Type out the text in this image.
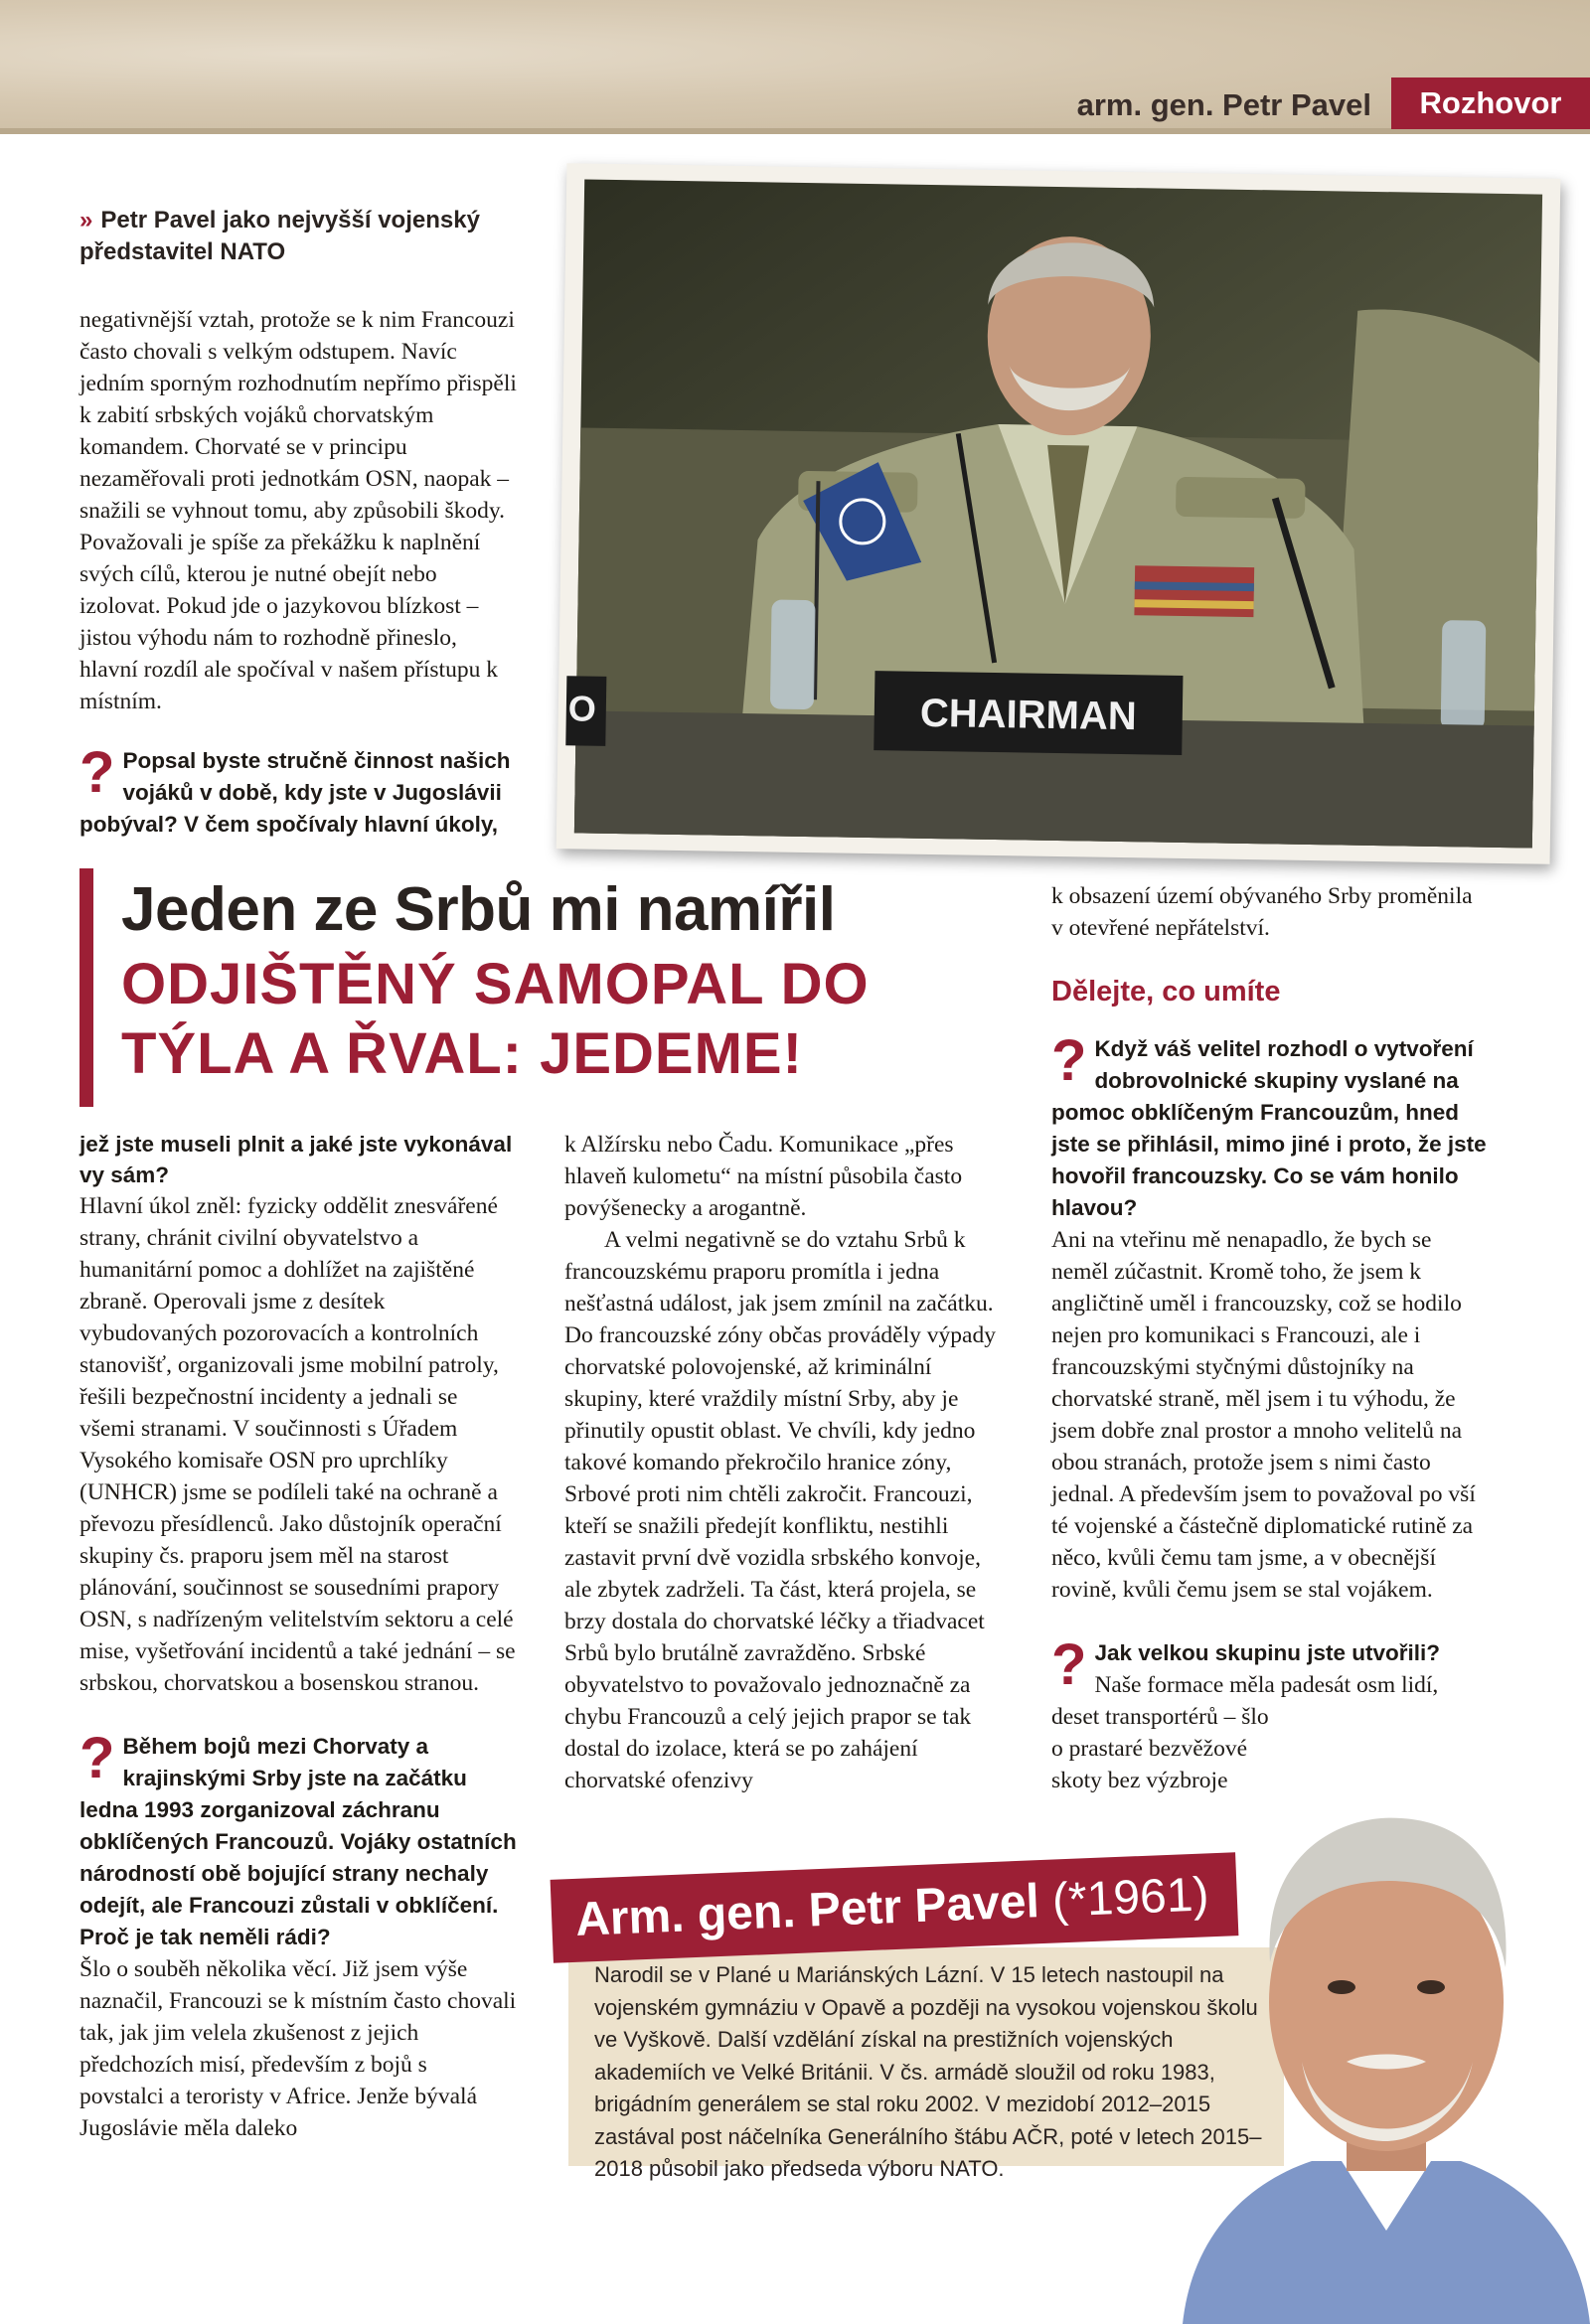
arm. gen. Petr Pavel	Rozhovor
» Petr Pavel jako nejvyšší vojenský představitel NATO

negativnější vztah, protože se k nim Francouzi často chovali s velkým odstupem. Navíc jedním sporným rozhodnutím nepřímo přispěli k zabití srbských vojáků chorvatským komandem. Chorvaté se v principu nezaměřovali proti jednotkám OSN, naopak – snažili se vyhnout tomu, aby způsobili škody. Považovali je spíše za překážku k naplnění svých cílů, kterou je nutné obejít nebo izolovat. Pokud jde o jazykovou blízkost – jistou výhodu nám to rozhodně přineslo, hlavní rozdíl ale spočíval v našem přístupu k místním.

? Popsal byste stručně činnost našich vojáků v době, kdy jste v Jugoslávii pobýval? V čem spočívaly hlavní úkoly,
CHAIRMAN
O
Jeden ze Srbů mi namířil
ODJIŠTĚNÝ SAMOPAL DO TÝLA A ŘVAL: JEDEME!
jež jste museli plnit a jaké jste vykonával vy sám?

Hlavní úkol zněl: fyzicky oddělit znesvářené strany, chránit civilní obyvatelstvo a humanitární pomoc a dohlížet na zajištěné zbraně. Operovali jsme z desítek vybudovaných pozorovacích a kontrolních stanovišť, organizovali jsme mobilní patroly, řešili bezpečnostní incidenty a jednali se všemi stranami. V součinnosti s Úřadem Vysokého komisaře OSN pro uprchlíky (UNHCR) jsme se podíleli také na ochraně a převozu přesídlenců. Jako důstojník operační skupiny čs. praporu jsem měl na starost plánování, součinnost se sousedními prapory OSN, s nadřízeným velitelstvím sektoru a celé mise, vyšetřování incidentů a také jednání – se srbskou, chorvatskou a bosenskou stranou.

? Během bojů mezi Chorvaty a krajinskými Srby jste na začátku ledna 1993 zorganizoval záchranu obklíčených Francouzů. Vojáky ostatních národností obě bojující strany nechaly odejít, ale Francouzi zůstali v obklíčení. Proč je tak neměli rádi?
Šlo o souběh několika věcí. Již jsem výše naznačil, Francouzi se k místním často chovali tak, jak jim velela zkušenost z jejich předchozích misí, především z bojů s povstalci a teroristy v Africe. Jenže bývalá Jugoslávie měla daleko
k Alžírsku nebo Čadu. Komunikace „přes hlaveň kulometu“ na místní působila často povýšenecky a arogantně.
A velmi negativně se do vztahu Srbů k francouzskému praporu promítla i jedna nešťastná událost, jak jsem zmínil na začátku. Do francouzské zóny občas prováděly výpady chorvatské polovojenské, až kriminální skupiny, které vraždily místní Srby, aby je přinutily opustit oblast. Ve chvíli, kdy jedno takové komando překročilo hranice zóny, Srbové proti nim chtěli zakročit. Francouzi, kteří se snažili předejít konfliktu, nestihli zastavit první dvě vozidla srbského konvoje, ale zbytek zadrželi. Ta část, která projela, se brzy dostala do chorvatské léčky a třiadvacet Srbů bylo brutálně zavražděno. Srbské obyvatelstvo to považovalo jednoznačně za chybu Francouzů a celý jejich prapor se tak dostal do izolace, která se po zahájení chorvatské ofenzivy

k obsazení území obývaného Srby proměnila v otevřené nepřátelství.

Dělejte, co umíte
? Když váš velitel rozhodl o vytvoření dobrovolnické skupiny vyslané na pomoc obklíčeným Francouzům, hned jste se přihlásil, mimo jiné i proto, že jste hovořil francouzsky. Co se vám honilo hlavou?

Ani na vteřinu mě nenapadlo, že bych se neměl zúčastnit. Kromě toho, že jsem k angličtině uměl i francouzsky, což se hodilo nejen pro komunikaci s Francouzi, ale i francouzskými styčnými důstojníky na chorvatské straně, měl jsem i tu výhodu, že jsem dobře znal prostor a mnoho velitelů na obou stranách, protože jsem s nimi často jednal. A především jsem to považoval po vší té vojenské a částečně diplomatické rutině za něco, kvůli čemu tam jsme, a v obecnější rovině, kvůli čemu jsem se stal vojákem.

? Jak velkou skupinu jste utvořili?
Naše formace měla padesát osm lidí,
deset transportérů – šlo
o prastaré bezvěžové
skoty bez výzbroje
Arm. gen. Petr Pavel (*1961)
Narodil se v Plané u Mariánských Lázní. V 15 letech nastoupil na vojenském gymnáziu v Opavě a později na vysokou vojenskou školu ve Vyškově. Další vzdělání získal na prestižních vojenských akademiích ve Velké Británii. V čs. armádě sloužil od roku 1983, brigádním generálem se stal roku 2002. V mezidobí 2012–2015 zastával post náčelníka Generálního štábu AČR, poté v letech 2015–2018 působil jako předseda výboru NATO.
